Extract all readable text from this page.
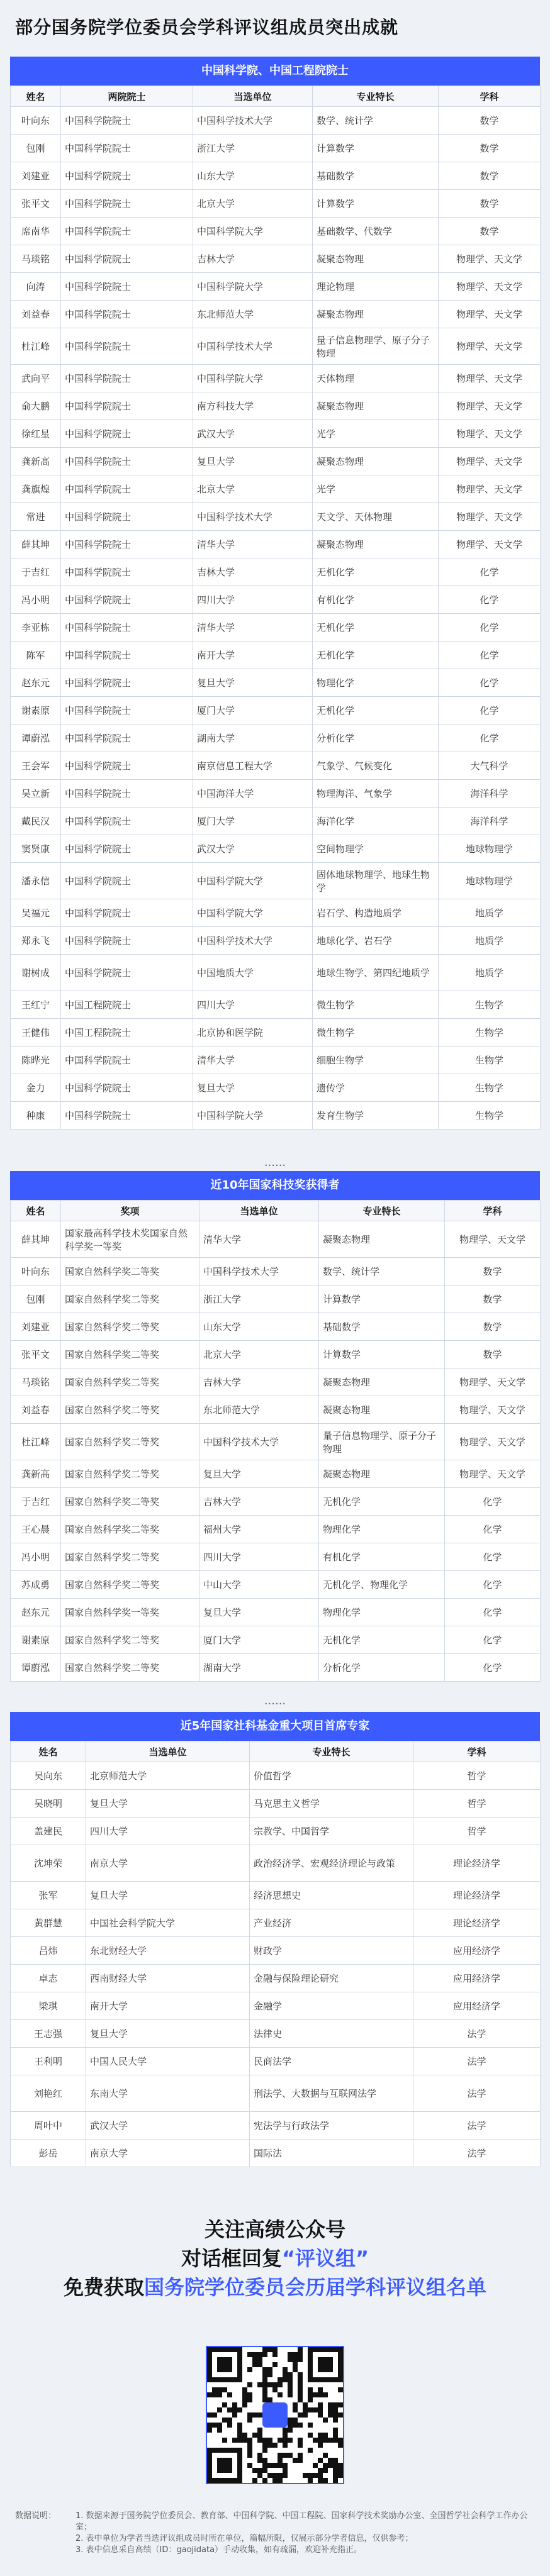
部分国务院学位委员会学科评议组成员突出成就
中国科学院、中国工程院院士
姓名	两院院士	当选单位	专业特长	学科
叶向东	中国科学院院士	中国科学技术大学	数学、统计学	数学
包刚	中国科学院院士	浙江大学	计算数学	数学
刘建亚	中国科学院院士	山东大学	基础数学	数学
张平文	中国科学院院士	北京大学	计算数学	数学
席南华	中国科学院院士	中国科学院大学	基础数学、代数学	数学
马琰铭	中国科学院院士	吉林大学	凝聚态物理	物理学、天文学
向涛	中国科学院院士	中国科学院大学	理论物理	物理学、天文学
刘益春	中国科学院院士	东北师范大学	凝聚态物理	物理学、天文学
杜江峰	中国科学院院士	中国科学技术大学	量子信息物理学、原子分子物理	物理学、天文学
武向平	中国科学院院士	中国科学院大学	天体物理	物理学、天文学
俞大鹏	中国科学院院士	南方科技大学	凝聚态物理	物理学、天文学
徐红星	中国科学院院士	武汉大学	光学	物理学、天文学
龚新高	中国科学院院士	复旦大学	凝聚态物理	物理学、天文学
龚旗煌	中国科学院院士	北京大学	光学	物理学、天文学
常进	中国科学院院士	中国科学技术大学	天文学、天体物理	物理学、天文学
薛其坤	中国科学院院士	清华大学	凝聚态物理	物理学、天文学
于吉红	中国科学院院士	吉林大学	无机化学	化学
冯小明	中国科学院院士	四川大学	有机化学	化学
李亚栋	中国科学院院士	清华大学	无机化学	化学
陈军	中国科学院院士	南开大学	无机化学	化学
赵东元	中国科学院院士	复旦大学	物理化学	化学
谢素原	中国科学院院士	厦门大学	无机化学	化学
谭蔚泓	中国科学院院士	湖南大学	分析化学	化学
王会军	中国科学院院士	南京信息工程大学	气象学、气候变化	大气科学
吴立新	中国科学院院士	中国海洋大学	物理海洋、气象学	海洋科学
戴民汉	中国科学院院士	厦门大学	海洋化学	海洋科学
窦贤康	中国科学院院士	武汉大学	空间物理学	地球物理学
潘永信	中国科学院院士	中国科学院大学	固体地球物理学、地球生物学	地球物理学
吴福元	中国科学院院士	中国科学院大学	岩石学、构造地质学	地质学
郑永飞	中国科学院院士	中国科学技术大学	地球化学、岩石学	地质学
谢树成	中国科学院院士	中国地质大学	地球生物学、第四纪地质学	地质学
王红宁	中国工程院院士	四川大学	微生物学	生物学
王健伟	中国工程院院士	北京协和医学院	微生物学	生物学
陈晔光	中国科学院院士	清华大学	细胞生物学	生物学
金力	中国科学院院士	复旦大学	遗传学	生物学
种康	中国科学院院士	中国科学院大学	发育生物学	生物学
......
近10年国家科技奖获得者
姓名	奖项	当选单位	专业特长	学科
薛其坤	国家最高科学技术奖国家自然科学奖一等奖	清华大学	凝聚态物理	物理学、天文学
叶向东	国家自然科学奖二等奖	中国科学技术大学	数学、统计学	数学
包刚	国家自然科学奖二等奖	浙江大学	计算数学	数学
刘建亚	国家自然科学奖二等奖	山东大学	基础数学	数学
张平文	国家自然科学奖二等奖	北京大学	计算数学	数学
马琰铭	国家自然科学奖二等奖	吉林大学	凝聚态物理	物理学、天文学
刘益春	国家自然科学奖二等奖	东北师范大学	凝聚态物理	物理学、天文学
杜江峰	国家自然科学奖二等奖	中国科学技术大学	量子信息物理学、原子分子物理	物理学、天文学
龚新高	国家自然科学奖二等奖	复旦大学	凝聚态物理	物理学、天文学
于吉红	国家自然科学奖二等奖	吉林大学	无机化学	化学
王心晨	国家自然科学奖二等奖	福州大学	物理化学	化学
冯小明	国家自然科学奖二等奖	四川大学	有机化学	化学
苏成勇	国家自然科学奖二等奖	中山大学	无机化学、物理化学	化学
赵东元	国家自然科学奖一等奖	复旦大学	物理化学	化学
谢素原	国家自然科学奖二等奖	厦门大学	无机化学	化学
谭蔚泓	国家自然科学奖二等奖	湖南大学	分析化学	化学
......
近5年国家社科基金重大项目首席专家
姓名	当选单位	专业特长	学科
吴向东	北京师范大学	价值哲学	哲学
吴晓明	复旦大学	马克思主义哲学	哲学
盖建民	四川大学	宗教学、中国哲学	哲学
沈坤荣	南京大学	政治经济学、宏观经济理论与政策	理论经济学
张军	复旦大学	经济思想史	理论经济学
黄群慧	中国社会科学院大学	产业经济	理论经济学
吕炜	东北财经大学	财政学	应用经济学
卓志	西南财经大学	金融与保险理论研究	应用经济学
梁琪	南开大学	金融学	应用经济学
王志强	复旦大学	法律史	法学
王利明	中国人民大学	民商法学	法学
刘艳红	东南大学	刑法学、大数据与互联网法学	法学
周叶中	武汉大学	宪法学与行政法学	法学
彭岳	南京大学	国际法	法学
关注高绩公众号
对话框回复“评议组”
免费获取国务院学位委员会历届学科评议组名单
数据说明： 1. 数据来源于国务院学位委员会、教育部、中国科学院、中国工程院、国家科学技术奖励办公室、全国哲学社会科学工作办公室；
2. 表中单位为学者当选评议组成员时所在单位，篇幅所限，仅展示部分学者信息，仅供参考；
3. 表中信息采自高绩（ID：gaojidata）手动收集，如有疏漏，欢迎补充指正。
